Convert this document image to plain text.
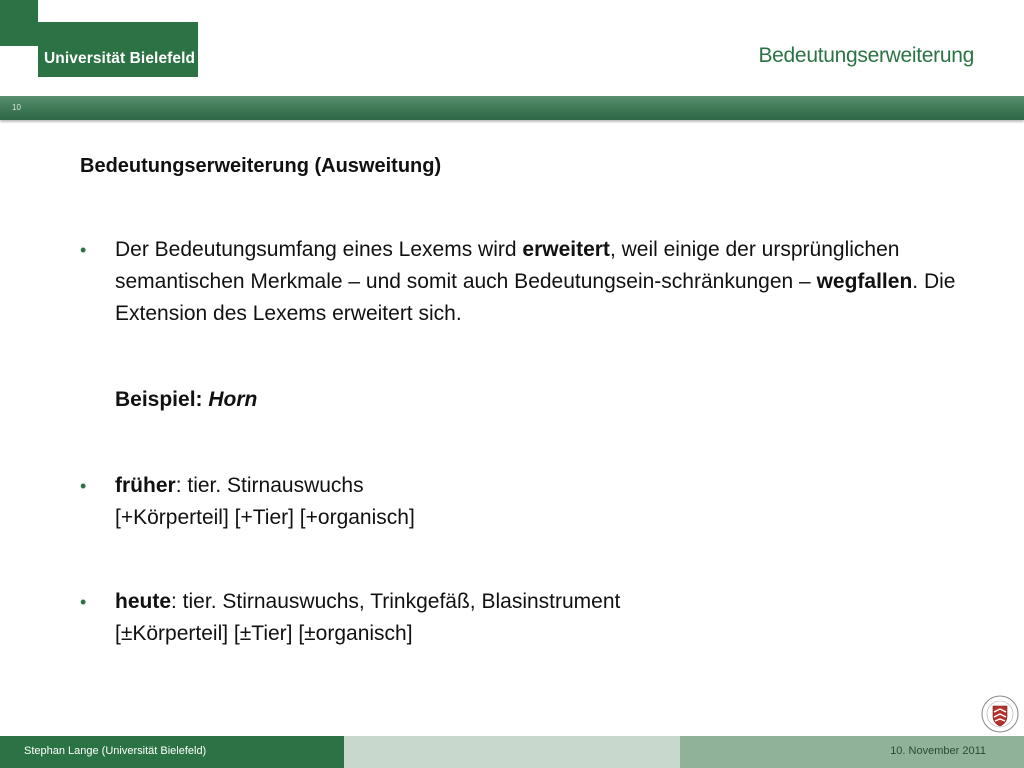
Universität Bielefeld	Bedeutungserweiterung
10

Bedeutungserweiterung (Ausweitung)

• Der Bedeutungsumfang eines Lexems wird erweitert, weil einige der ursprünglichen semantischen Merkmale – und somit auch Bedeutungsein-schränkungen – wegfallen. Die Extension des Lexems erweitert sich.
Beispiel: Horn
• früher: tier. Stirnauswuchs
[+Körperteil] [+Tier] [+organisch]
• heute: tier. Stirnauswuchs, Trinkgefäß, Blasinstrument
[±Körperteil] [±Tier] [±organisch]
Stephan Lange (Universität Bielefeld)	10. November 2011
